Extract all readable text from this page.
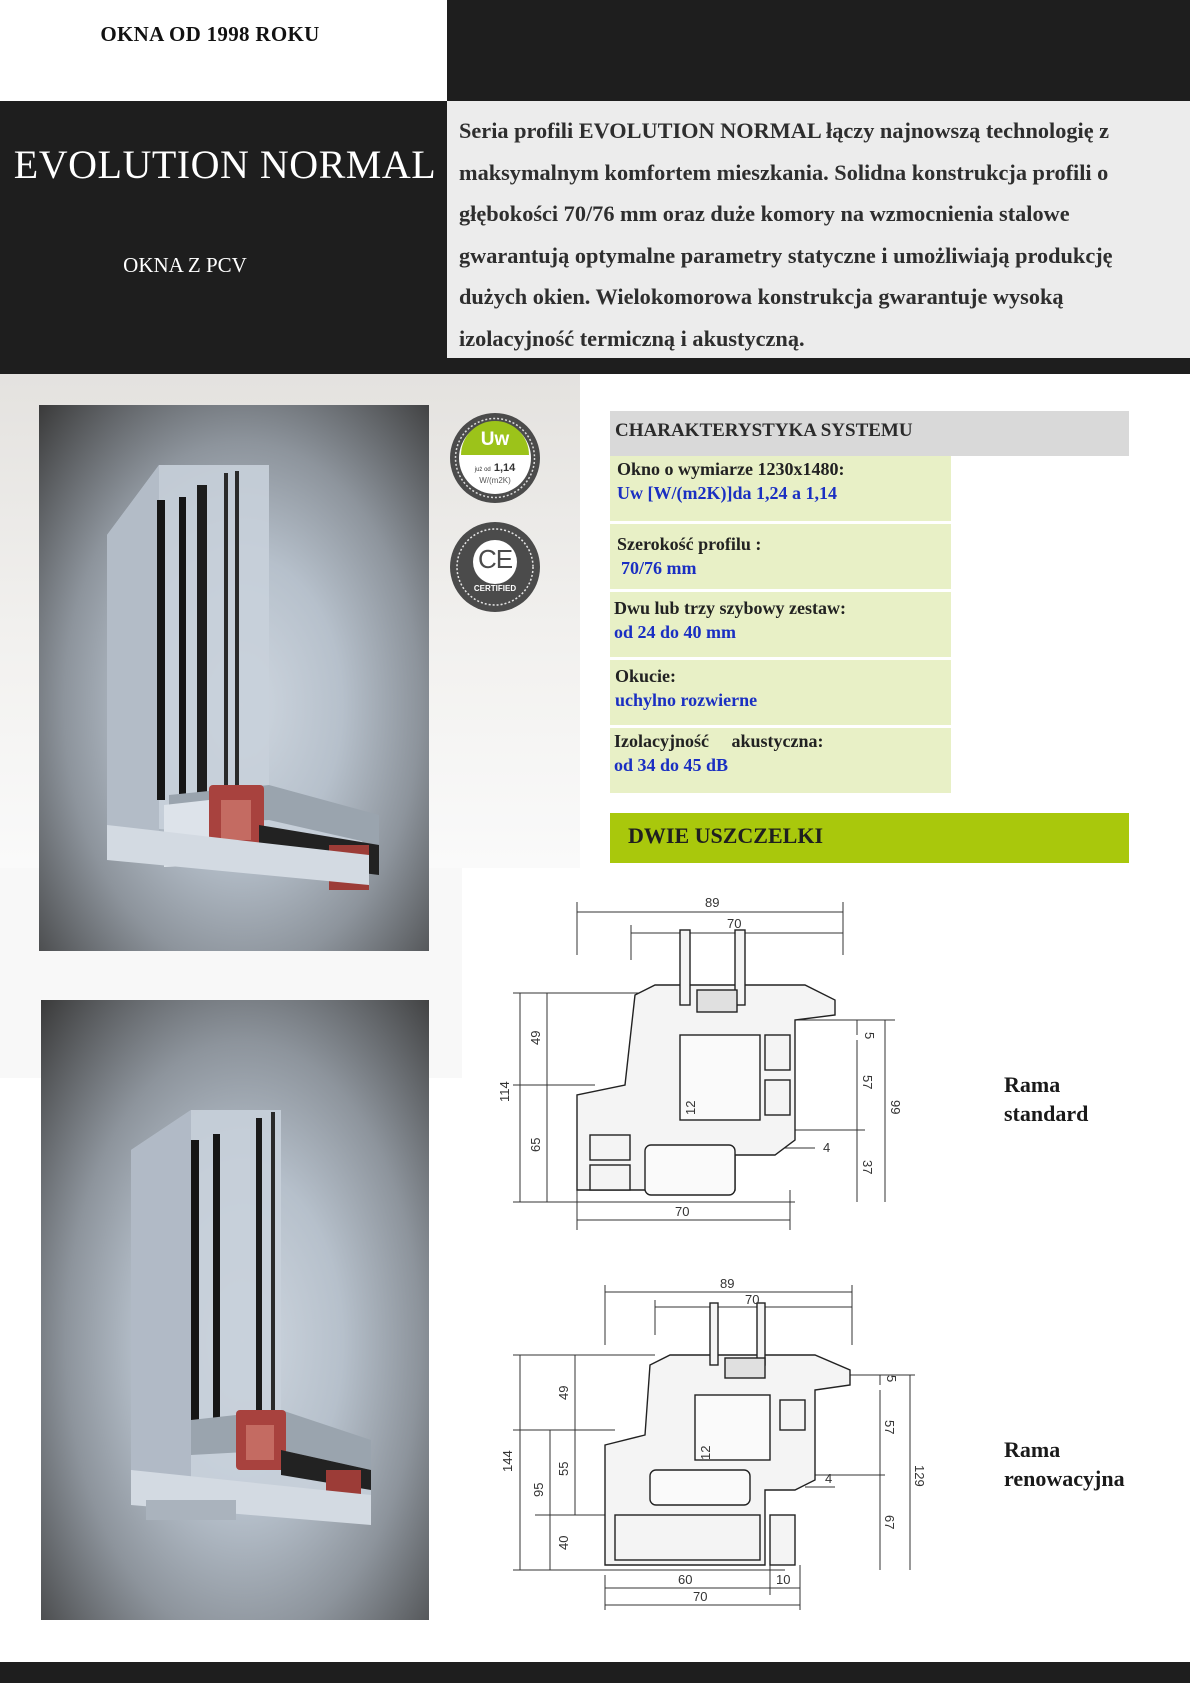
OKNA OD 1998 ROKU
EVOLUTION NORMAL
OKNA Z PCV

Seria profili EVOLUTION NORMAL łączy najnowszą technologię z maksymalnym komfortem mieszkania. Solidna konstrukcja profili o głębokości 70/76 mm oraz duże komory na wzmocnienia stalowe gwarantują optymalne parametry statyczne i umożliwiają produkcję dużych okien. Wielokomorowa konstrukcja gwarantuje wysoką izolacyjność termiczną i akustyczną.

Uw
już od 1,14
W/(m2K)
CE
CERTIFIED
CHARAKTERYSTYKA SYSTEMU
Okno o wymiarze 1230x1480:
Uw [W/(m2K)]da 1,24 a 1,14
Szerokość profilu :
70/76 mm
Dwu lub trzy szybowy zestaw:
od 24 do 40 mm
Okucie:
uchylno rozwierne
Izolacyjność     akustyczna:
od 34 do 45 dB
DWIE USZCZELKI
89
70
114
49
65
12
5
57
37
99
4
70
Rama
standard
89
70
144
95
49
55
40
12
5
57
67
129
4
60	10
70
Rama
renowacyjna
